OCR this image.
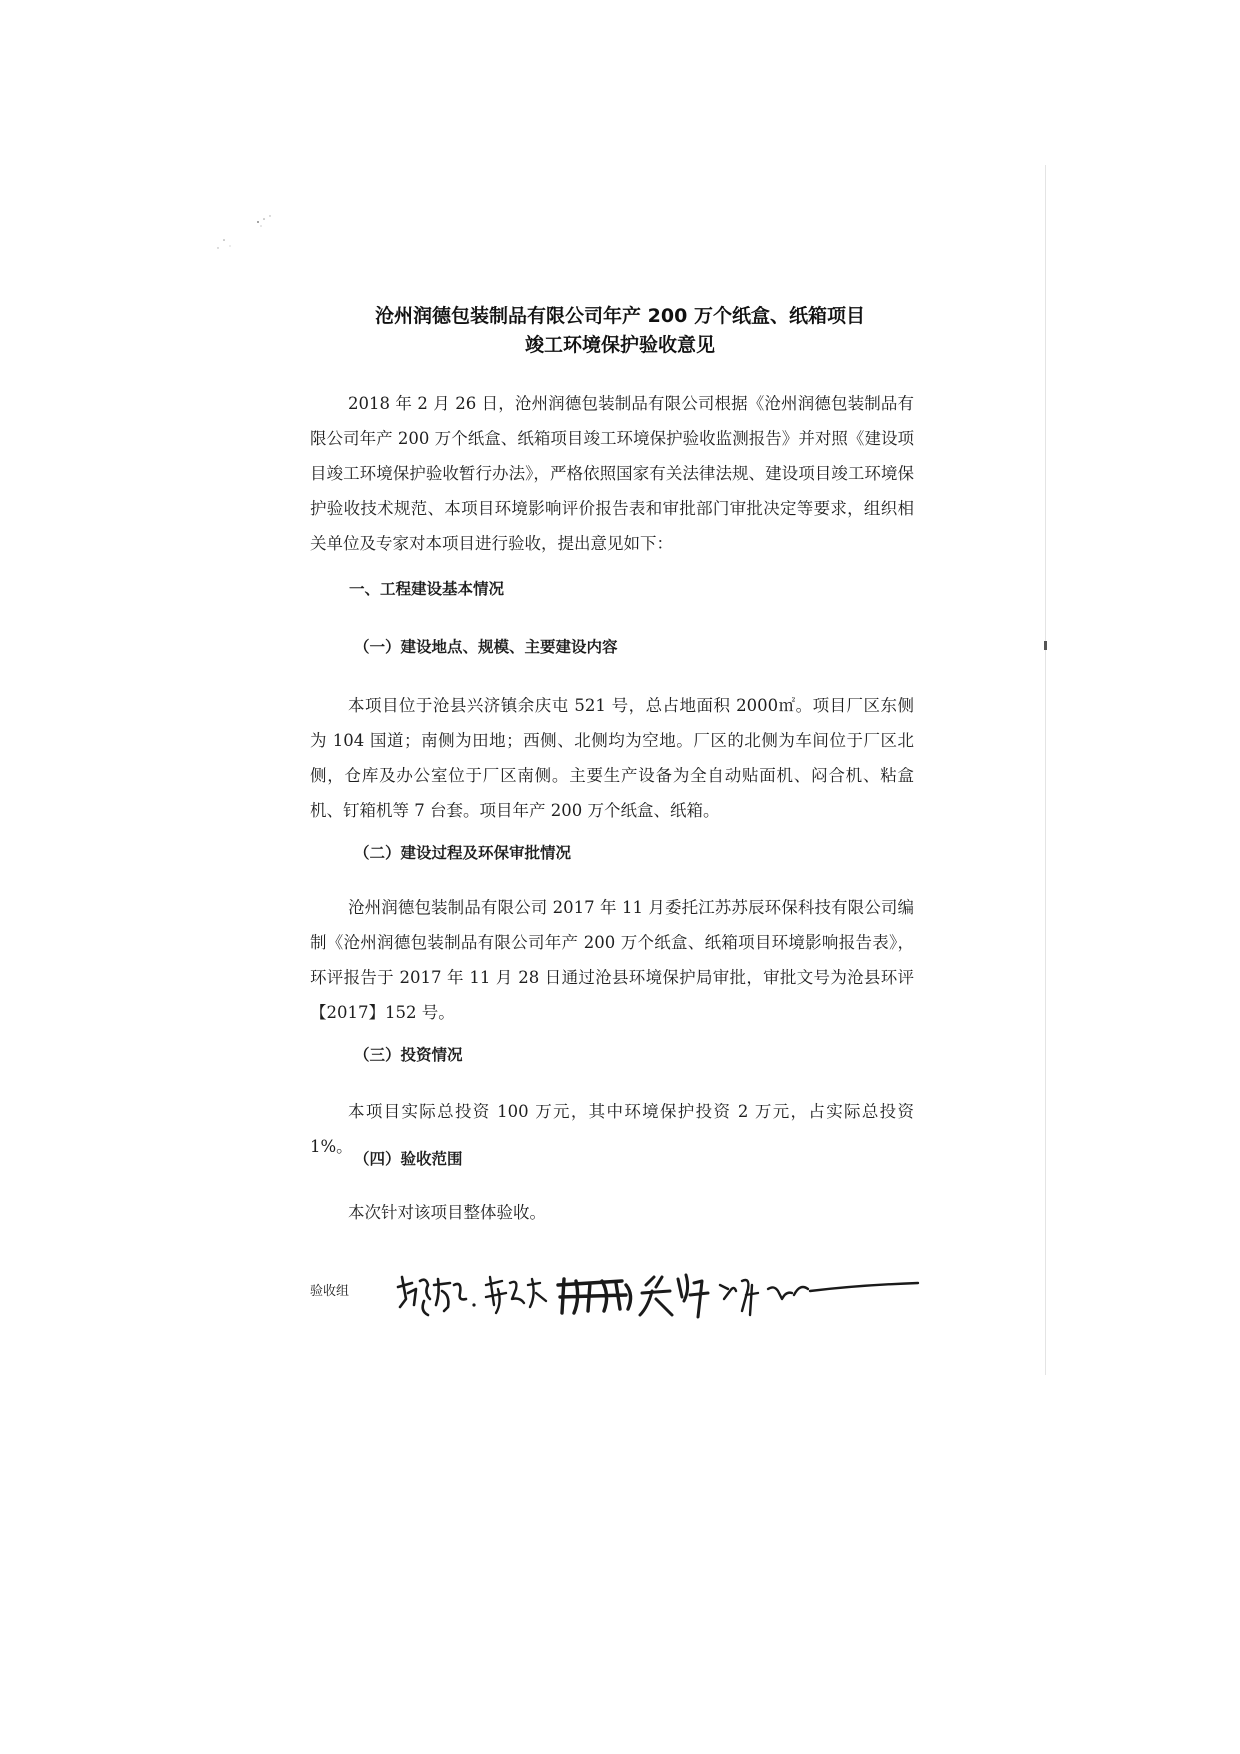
沧州润德包装制品有限公司年产 200 万个纸盒、纸箱项目
竣工环境保护验收意见
2018 年 2 月 26 日，沧州润德包装制品有限公司根据《沧州润德包装制品有限公司年产 200 万个纸盒、纸箱项目竣工环境保护验收监测报告》并对照《建设项目竣工环境保护验收暂行办法》，严格依照国家有关法律法规、建设项目竣工环境保护验收技术规范、本项目环境影响评价报告表和审批部门审批决定等要求，组织相关单位及专家对本项目进行验收，提出意见如下：
一、工程建设基本情况
（一）建设地点、规模、主要建设内容
本项目位于沧县兴济镇余庆屯 521 号，总占地面积 2000㎡。项目厂区东侧为 104 国道；南侧为田地；西侧、北侧均为空地。厂区的北侧为车间位于厂区北侧，仓库及办公室位于厂区南侧。主要生产设备为全自动贴面机、闷合机、粘盒机、钉箱机等 7 台套。项目年产 200 万个纸盒、纸箱。
（二）建设过程及环保审批情况
沧州润德包装制品有限公司 2017 年 11 月委托江苏苏辰环保科技有限公司编制《沧州润德包装制品有限公司年产 200 万个纸盒、纸箱项目环境影响报告表》，环评报告于 2017 年 11 月 28 日通过沧县环境保护局审批，审批文号为沧县环评【2017】152 号。
（三）投资情况
本项目实际总投资 100 万元，其中环境保护投资 2 万元，占实际总投资 1%。
（四）验收范围
本次针对该项目整体验收。
验收组
